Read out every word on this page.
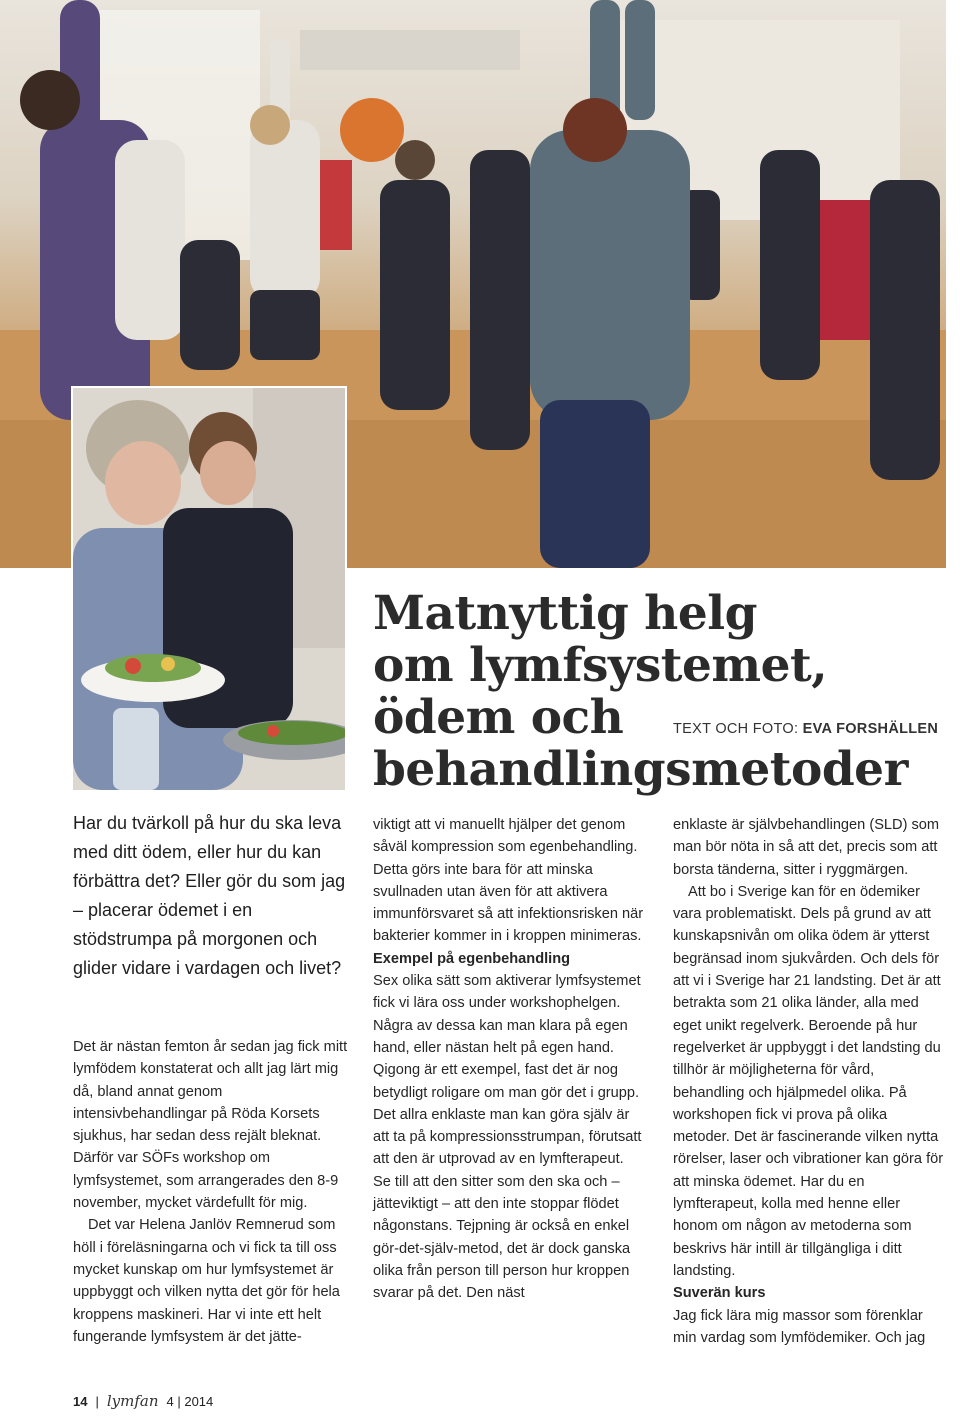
Matnyttig helg
om lymfsystemet,
ödem och
behandlingsmetoder
TEXT OCH FOTO: EVA FORSHÄLLEN

Har du tvärkoll på hur du ska leva med ditt ödem, eller hur du kan förbättra det? Eller gör du som jag – placerar ödemet i en stödstrumpa på morgonen och glider vidare i vardagen och livet?

Det är nästan femton år sedan jag fick mitt lymfödem konstaterat och allt jag lärt mig då, bland annat genom intensivbehandlingar på Röda Korsets sjukhus, har sedan dess rejält bleknat. Därför var SÖFs workshop om lymfsystemet, som arrangerades den 8-9 november, mycket värdefullt för mig.

Det var Helena Janlöv Remnerud som höll i föreläsningarna och vi fick ta till oss mycket kunskap om hur lymfsystemet är uppbyggt och vilken nytta det gör för hela kroppens maskineri. Har vi inte ett helt fungerande lymfsystem är det jätte-

viktigt att vi manuellt hjälper det genom såväl kompression som egenbehandling. Detta görs inte bara för att minska svullnaden utan även för att aktivera immunförsvaret så att infektionsrisken när bakterier kommer in i kroppen minimeras.

Exempel på egenbehandling

Sex olika sätt som aktiverar lymfsystemet fick vi lära oss under workshophelgen. Några av dessa kan man klara på egen hand, eller nästan helt på egen hand. Qigong är ett exempel, fast det är nog betydligt roligare om man gör det i grupp. Det allra enklaste man kan göra själv är att ta på kompressionsstrumpan, förutsatt att den är utprovad av en lymfterapeut. Se till att den sitter som den ska och – jätteviktigt – att den inte stoppar flödet någonstans. Tejpning är också en enkel gör-det-själv-metod, det är dock ganska olika från person till person hur kroppen svarar på det. Den näst

enklaste är självbehandlingen (SLD) som man bör nöta in så att det, precis som att borsta tänderna, sitter i ryggmärgen.

Att bo i Sverige kan för en ödemiker vara problematiskt. Dels på grund av att kunskapsnivån om olika ödem är ytterst begränsad inom sjukvården. Och dels för att vi i Sverige har 21 landsting. Det är att betrakta som 21 olika länder, alla med eget unikt regelverk. Beroende på hur regelverket är uppbyggt i det landsting du tillhör är möjligheterna för vård, behandling och hjälpmedel olika. På workshopen fick vi prova på olika metoder. Det är fascinerande vilken nytta rörelser, laser och vibrationer kan göra för att minska ödemet. Har du en lymfterapeut, kolla med henne eller honom om någon av metoderna som beskrivs här intill är tillgängliga i ditt landsting.

Suverän kurs

Jag fick lära mig massor som förenklar min vardag som lymfödemiker. Och jag

14 | lymfan 4 | 2014
